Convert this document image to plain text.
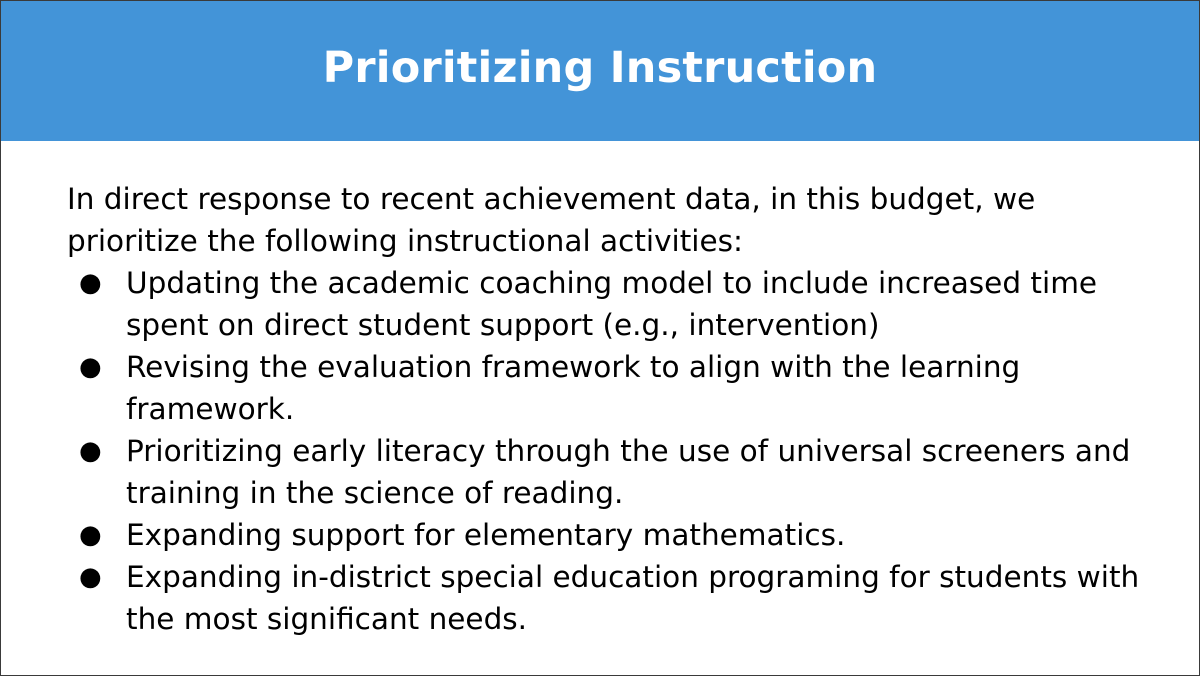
Prioritizing Instruction

In direct response to recent achievement data, in this budget, we prioritize the following instructional activities:

● Updating the academic coaching model to include increased time spent on direct student support (e.g., intervention)
● Revising the evaluation framework to align with the learning framework.
● Prioritizing early literacy through the use of universal screeners and training in the science of reading.
● Expanding support for elementary mathematics.
● Expanding in-district special education programing for students with the most significant needs.
